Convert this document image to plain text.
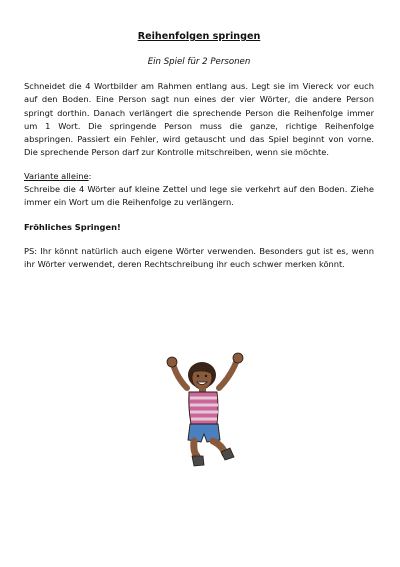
Reihenfolgen springen

Ein Spiel für 2 Personen

Schneidet die 4 Wortbilder am Rahmen entlang aus. Legt sie im Viereck vor euch auf den Boden. Eine Person sagt nun eines der vier Wörter, die andere Person springt dorthin. Danach verlängert die sprechende Person die Reihenfolge immer um 1 Wort. Die springende Person muss die ganze, richtige Reihenfolge abspringen. Passiert ein Fehler, wird getauscht und das Spiel beginnt von vorne. Die sprechende Person darf zur Kontrolle mitschreiben, wenn sie möchte.

Variante alleine:

Schreibe die 4 Wörter auf kleine Zettel und lege sie verkehrt auf den Boden. Ziehe immer ein Wort um die Reihenfolge zu verlängern.

Fröhliches Springen!

PS: Ihr könnt natürlich auch eigene Wörter verwenden. Besonders gut ist es, wenn ihr Wörter verwendet, deren Rechtschreibung ihr euch schwer merken könnt.
